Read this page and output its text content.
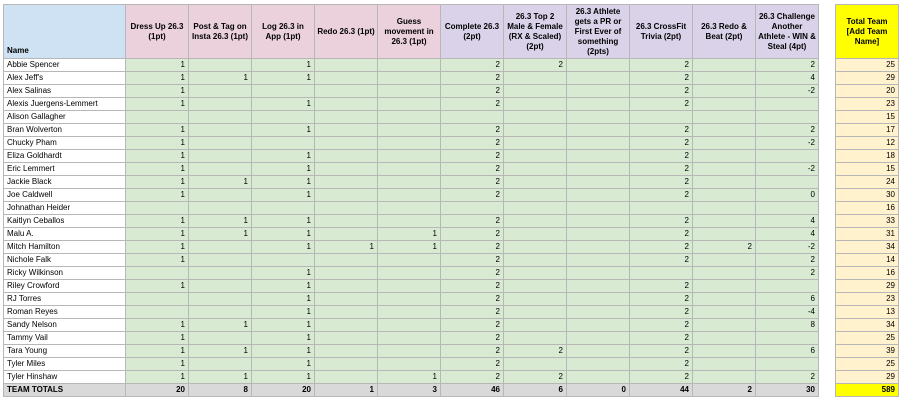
Name	Dress Up 26.3 (1pt)	Post & Tag on Insta 26.3 (1pt)	Log 26.3 in App (1pt)	Redo 26.3 (1pt)	Guess movement in 26.3 (1pt)	Complete 26.3 (2pt)	26.3 Top 2 Male & Female (RX & Scaled) (2pt)	26.3 Athlete gets a PR or First Ever of something (2pts)	26.3 CrossFit Trivia (2pt)	26.3 Redo & Beat (2pt)	26.3 Challenge Another Athlete - WIN & Steal (4pt)		Total Team [Add Team Name]
Abbie Spencer	1		1			2	2		2		2		25
Alex Jeff's	1	1	1			2			2		4		29
Alex Salinas	1					2			2		-2		20
Alexis Juergens-Lemmert	1		1			2			2				23
Alison Gallagher													15
Bran Wolverton	1		1			2			2		2		17
Chucky Pham	1					2			2		-2		12
Eliza Goldhardt	1		1			2			2				18
Eric Lemmert	1		1			2			2		-2		15
Jackie Black	1	1	1			2			2				24
Joe Caldwell	1		1			2			2		0		30
Johnathan Heider													16
Kaitlyn Ceballos	1	1	1			2			2		4		33
Malu A.	1	1	1		1	2			2		4		31
Mitch Hamilton	1		1	1	1	2			2	2	-2		34
Nichole Falk	1					2			2		2		14
Ricky Wilkinson			1			2					2		16
Riley Crowford	1		1			2			2				29
RJ Torres			1			2			2		6		23
Roman Reyes			1			2			2		-4		13
Sandy Nelson	1	1	1			2			2		8		34
Tammy Vail	1		1			2			2				25
Tara Young	1	1	1			2	2		2		6		39
Tyler Miles	1		1			2			2				25
Tyler Hinshaw	1	1	1		1	2	2		2		2		29
TEAM TOTALS	20	8	20	1	3	46	6	0	44	2	30		589
